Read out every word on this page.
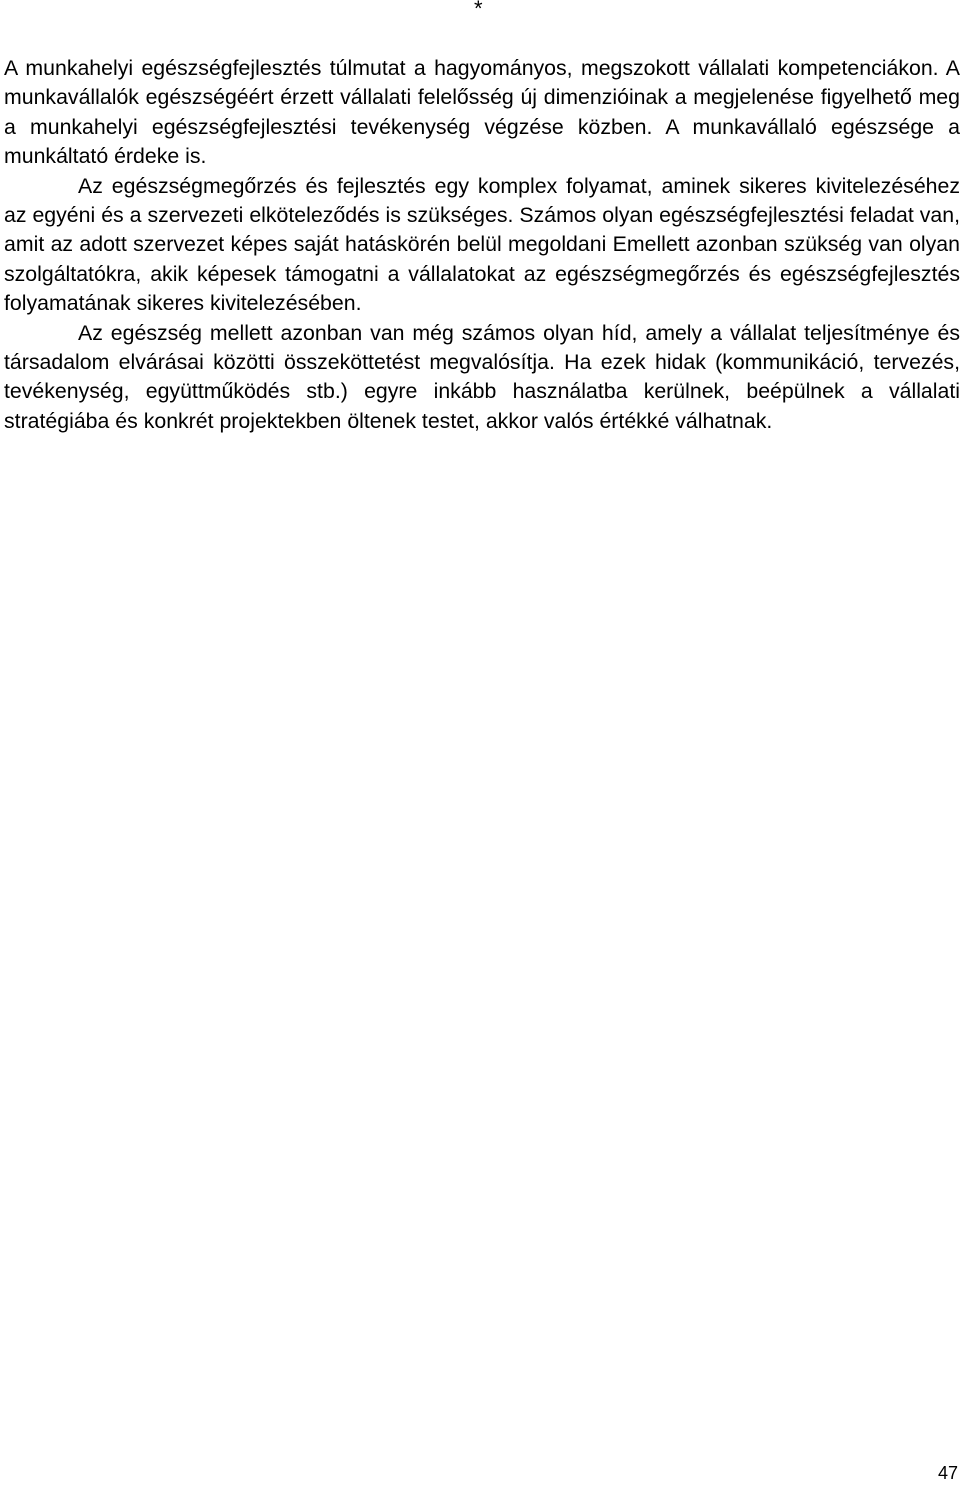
*

A munkahelyi egészségfejlesztés túlmutat a hagyományos, megszokott vállalati kompetenciákon. A munkavállalók egészségéért érzett vállalati felelősség új dimenzióinak a megjelenése figyelhető meg a munkahelyi egészségfejlesztési tevékenység végzése közben. A munkavállaló egészsége a munkáltató érdeke is.

Az egészségmegőrzés és fejlesztés egy komplex folyamat, aminek sikeres kivitelezéséhez az egyéni és a szervezeti elköteleződés is szükséges. Számos olyan egészségfejlesztési feladat van, amit az adott szervezet képes saját hatáskörén belül megoldani Emellett azonban szükség van olyan szolgáltatókra, akik képesek támogatni a vállalatokat az egészségmegőrzés és egészségfejlesztés folyamatának sikeres kivitelezésében.

Az egészség mellett azonban van még számos olyan híd, amely a vállalat teljesítménye és társadalom elvárásai közötti összeköttetést megvalósítja. Ha ezek hidak (kommunikáció, tervezés, tevékenység, együttműködés stb.) egyre inkább használatba kerülnek, beépülnek a vállalati stratégiába és konkrét projektekben öltenek testet, akkor valós értékké válhatnak.

47
